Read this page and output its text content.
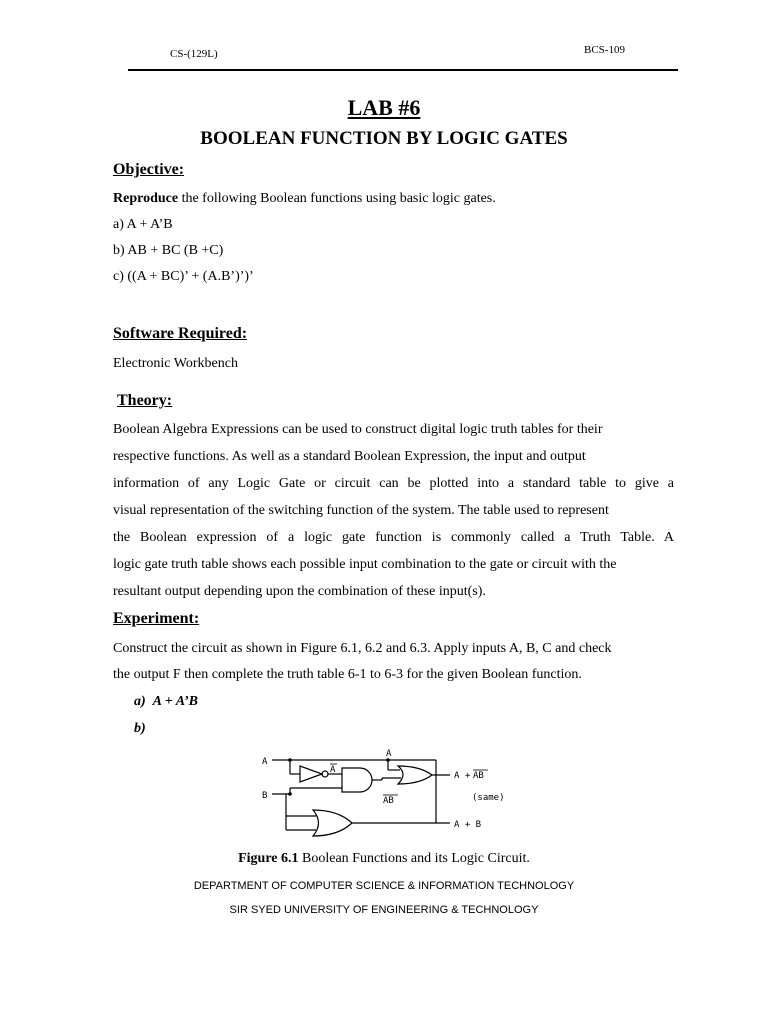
CS-(129L)	BCS-109
LAB #6
BOOLEAN FUNCTION BY LOGIC GATES
Objective:
Reproduce the following Boolean functions using basic logic gates.
a) A + A’B
b) AB + BC (B +C)
c) ((A + BC)’ + (A.B’)’)’
Software Required:
Electronic Workbench
Theory:
Boolean Algebra Expressions can be used to construct digital logic truth tables for their
respective functions. As well as a standard Boolean Expression, the input and output
information of any Logic Gate or circuit can be plotted into a standard table to give a
visual representation of the switching function of the system. The table used to represent
the Boolean expression of a logic gate function is commonly called a Truth Table. A
logic gate truth table shows each possible input combination to the gate or circuit with the
resultant output depending upon the combination of these input(s).
Experiment:
Construct the circuit as shown in Figure 6.1, 6.2 and 6.3. Apply inputs A, B, C and check
the output F then complete the truth table 6-1 to 6-3 for the given Boolean function.
a) A + A’B
b)
A
B
A
A
AB
A + AB
(same)
A + B
Figure 6.1 Boolean Functions and its Logic Circuit.
DEPARTMENT OF COMPUTER SCIENCE & INFORMATION TECHNOLOGY
SIR SYED UNIVERSITY OF ENGINEERING & TECHNOLOGY
